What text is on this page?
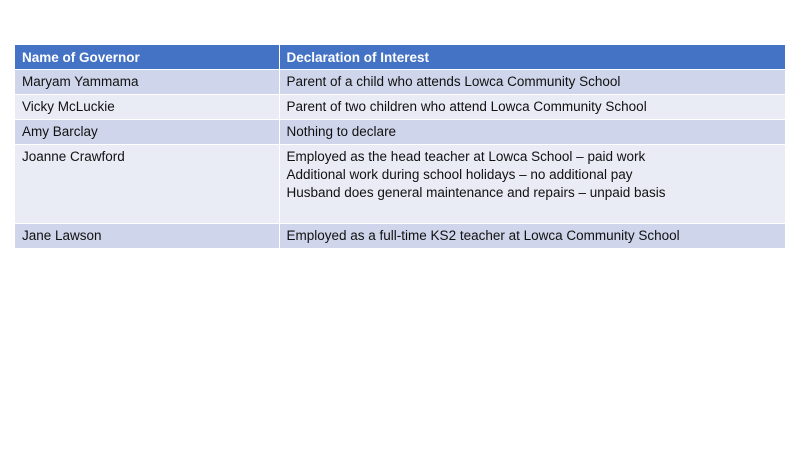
Name of Governor	Declaration of Interest
Maryam Yammama	Parent of a child who attends Lowca Community School

Vicky McLuckie	Parent of two children who attend Lowca Community School

Amy Barclay	Nothing to declare

Joanne Crawford	Employed as the head teacher at Lowca School – paid work
Additional work during school holidays – no additional pay
Husband does general maintenance and repairs – unpaid basis

Jane Lawson	Employed as a full-time KS2 teacher at Lowca Community School
